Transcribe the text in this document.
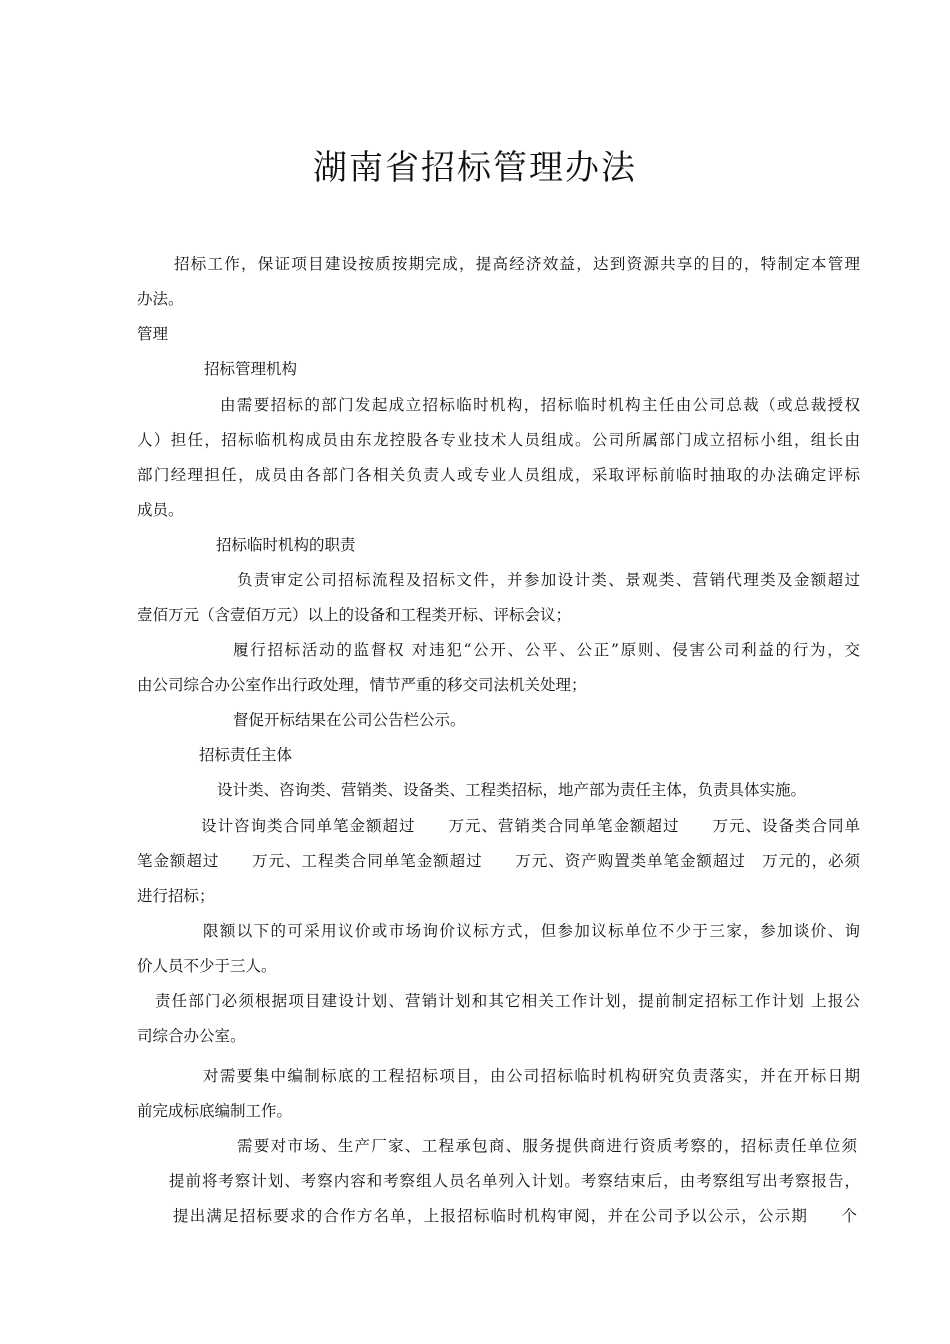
湖南省招标管理办法
招标工作，保证项目建设按质按期完成，提高经济效益，达到资源共享的目的，特制定本管理
办法。
管理
招标管理机构
由需要招标的部门发起成立招标临时机构，招标临时机构主任由公司总裁（或总裁授权
人）担任，招标临机构成员由东龙控股各专业技术人员组成。公司所属部门成立招标小组，组长由
部门经理担任，成员由各部门各相关负责人或专业人员组成，采取评标前临时抽取的办法确定评标
成员。
招标临时机构的职责
负责审定公司招标流程及招标文件，并参加设计类、景观类、营销代理类及金额超过
壹佰万元（含壹佰万元）以上的设备和工程类开标、评标会议；
履行招标活动的监督权 对违犯“公开、公平、公正”原则、侵害公司利益的行为，交
由公司综合办公室作出行政处理，情节严重的移交司法机关处理；
督促开标结果在公司公告栏公示。
招标责任主体
设计类、咨询类、营销类、设备类、工程类招标，地产部为责任主体，负责具体实施。
设计咨询类合同单笔金额超过　　万元、营销类合同单笔金额超过　　万元、设备类合同单
笔金额超过　　万元、工程类合同单笔金额超过　　万元、资产购置类单笔金额超过　万元的，必须
进行招标；
限额以下的可采用议价或市场询价议标方式，但参加议标单位不少于三家，参加谈价、询
价人员不少于三人。
责任部门必须根据项目建设计划、营销计划和其它相关工作计划，提前制定招标工作计划 上报公
司综合办公室。
对需要集中编制标底的工程招标项目，由公司招标临时机构研究负责落实，并在开标日期
前完成标底编制工作。
需要对市场、生产厂家、工程承包商、服务提供商进行资质考察的，招标责任单位须
提前将考察计划、考察内容和考察组人员名单列入计划。考察结束后，由考察组写出考察报告，
提出满足招标要求的合作方名单，上报招标临时机构审阅，并在公司予以公示，公示期　　个
